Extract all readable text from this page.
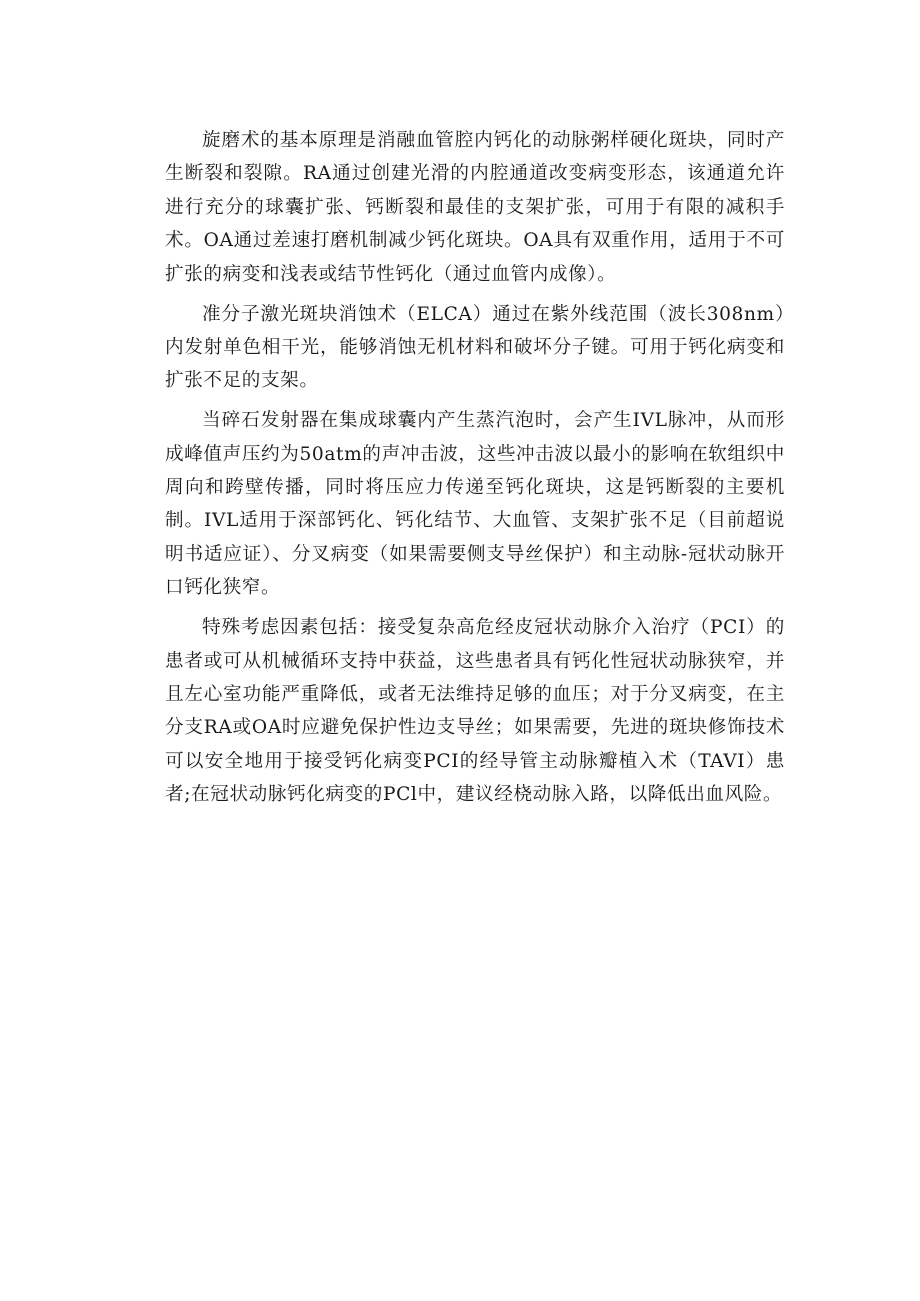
旋磨术的基本原理是消融血管腔内钙化的动脉粥样硬化斑块，同时产生断裂和裂隙。RA通过创建光滑的内腔通道改变病变形态，该通道允许进行充分的球囊扩张、钙断裂和最佳的支架扩张，可用于有限的减积手术。OA通过差速打磨机制减少钙化斑块。OA具有双重作用，适用于不可扩张的病变和浅表或结节性钙化（通过血管内成像）。

准分子激光斑块消蚀术（ELCA）通过在紫外线范围（波长308nm）内发射单色相干光，能够消蚀无机材料和破坏分子键。可用于钙化病变和扩张不足的支架。

当碎石发射器在集成球囊内产生蒸汽泡时，会产生IVL脉冲，从而形成峰值声压约为50atm的声冲击波，这些冲击波以最小的影响在软组织中周向和跨壁传播，同时将压应力传递至钙化斑块，这是钙断裂的主要机制。IVL适用于深部钙化、钙化结节、大血管、支架扩张不足（目前超说明书适应证）、分叉病变（如果需要侧支导丝保护）和主动脉-冠状动脉开口钙化狭窄。

特殊考虑因素包括：接受复杂高危经皮冠状动脉介入治疗（PCI）的患者或可从机械循环支持中获益，这些患者具有钙化性冠状动脉狭窄，并且左心室功能严重降低，或者无法维持足够的血压；对于分叉病变，在主分支RA或OA时应避免保护性边支导丝；如果需要，先进的斑块修饰技术可以安全地用于接受钙化病变PCI的经导管主动脉瓣植入术（TAVI）患者;在冠状动脉钙化病变的PCl中，建议经桡动脉入路，以降低出血风险。
